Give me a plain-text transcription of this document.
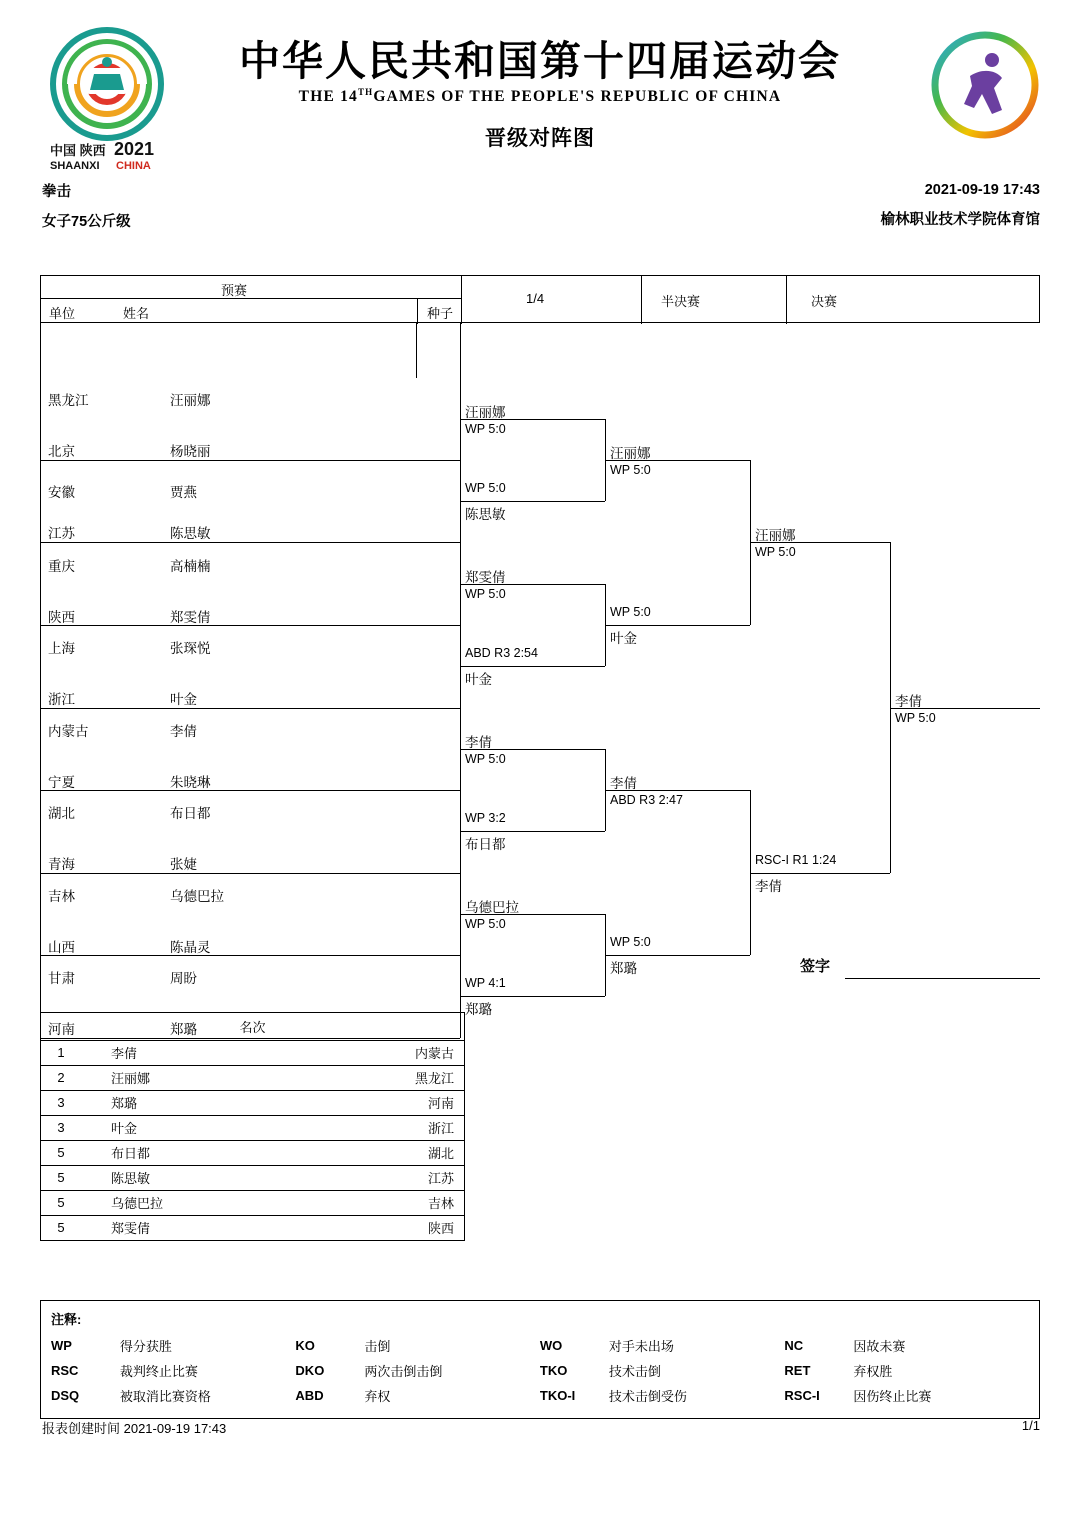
中国 陕西 2021
SHAANXI CHINA
中华人民共和国第十四届运动会
THE 14THGAMES OF THE PEOPLE'S REPUBLIC OF CHINA
晋级对阵图
拳击
女子75公斤级
2021-09-19 17:43
榆林职业技术学院体育馆
预赛
单位	姓名	种子
1/4	半决赛	决赛
黑龙江	汪丽娜
北京	杨晓丽
安徽	贾燕
江苏	陈思敏
重庆	高楠楠
陕西	郑雯倩
上海	张琛悦
浙江	叶金
内蒙古	李倩
宁夏	朱晓琳
湖北	布日都
青海	张婕
吉林	乌德巴拉
山西	陈晶灵
甘肃	周盼
河南	郑璐
汪丽娜
WP 5:0
WP 5:0
陈思敏
郑雯倩
WP 5:0
ABD R3 2:54
叶金
李倩
WP 5:0
WP 3:2
布日都
乌德巴拉
WP 5:0
WP 4:1
郑璐
汪丽娜
WP 5:0
WP 5:0
叶金
李倩
ABD R3 2:47
WP 5:0
郑璐
汪丽娜
WP 5:0
RSC-I R1 1:24
李倩
李倩
WP 5:0
名次
1	李倩	内蒙古
2	汪丽娜	黑龙江
3	郑璐	河南
3	叶金	浙江
5	布日都	湖北
5	陈思敏	江苏
5	乌德巴拉	吉林
5	郑雯倩	陕西
签字
注释:
WP	得分获胜	KO	击倒	WO	对手未出场	NC	因故未赛
RSC	裁判终止比赛	DKO	两次击倒击倒	TKO	技术击倒	RET	弃权胜
DSQ	被取消比赛资格	ABD	弃权	TKO-I	技术击倒受伤	RSC-I	因伤终止比赛
报表创建时间 2021-09-19 17:43	1/1
